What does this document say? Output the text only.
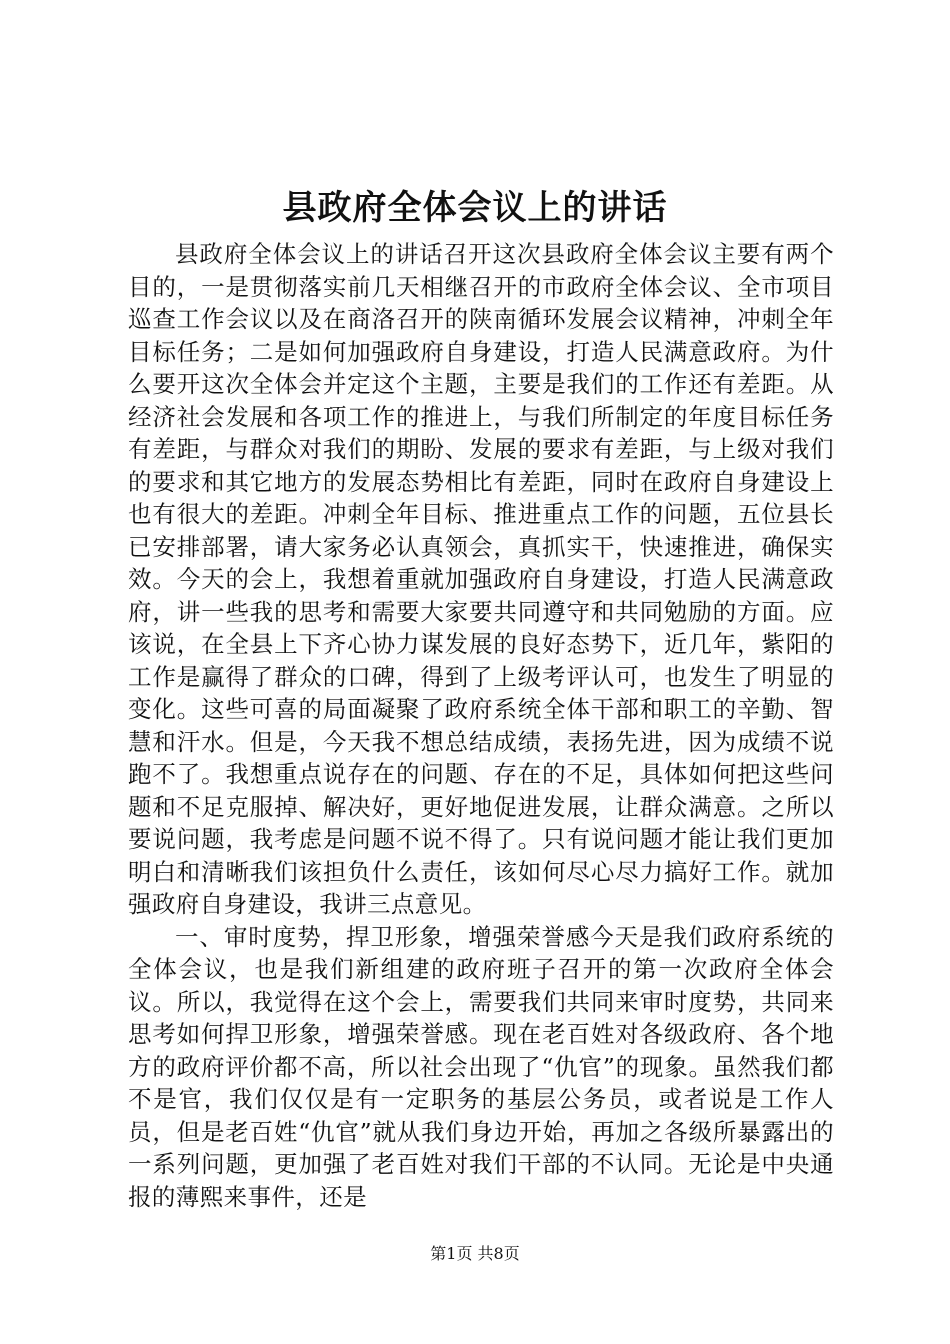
县政府全体会议上的讲话

县政府全体会议上的讲话召开这次县政府全体会议主要有两个目的，一是贯彻落实前几天相继召开的市政府全体会议、全市项目巡查工作会议以及在商洛召开的陕南循环发展会议精神，冲刺全年目标任务；二是如何加强政府自身建设，打造人民满意政府。为什么要开这次全体会并定这个主题，主要是我们的工作还有差距。从经济社会发展和各项工作的推进上，与我们所制定的年度目标任务有差距，与群众对我们的期盼、发展的要求有差距，与上级对我们的要求和其它地方的发展态势相比有差距，同时在政府自身建设上也有很大的差距。冲刺全年目标、推进重点工作的问题，五位县长已安排部署，请大家务必认真领会，真抓实干，快速推进，确保实效。今天的会上，我想着重就加强政府自身建设，打造人民满意政府，讲一些我的思考和需要大家要共同遵守和共同勉励的方面。应该说，在全县上下齐心协力谋发展的良好态势下，近几年，紫阳的工作是赢得了群众的口碑，得到了上级考评认可，也发生了明显的变化。这些可喜的局面凝聚了政府系统全体干部和职工的辛勤、智慧和汗水。但是，今天我不想总结成绩，表扬先进，因为成绩不说跑不了。我想重点说存在的问题、存在的不足，具体如何把这些问题和不足克服掉、解决好，更好地促进发展，让群众满意。之所以要说问题，我考虑是问题不说不得了。只有说问题才能让我们更加明白和清晰我们该担负什么责任，该如何尽心尽力搞好工作。就加强政府自身建设，我讲三点意见。

一、审时度势，捍卫形象，增强荣誉感今天是我们政府系统的全体会议，也是我们新组建的政府班子召开的第一次政府全体会议。所以，我觉得在这个会上，需要我们共同来审时度势，共同来思考如何捍卫形象，增强荣誉感。现在老百姓对各级政府、各个地方的政府评价都不高，所以社会出现了“仇官”的现象。虽然我们都不是官，我们仅仅是有一定职务的基层公务员，或者说是工作人员，但是老百姓“仇官”就从我们身边开始，再加之各级所暴露出的一系列问题，更加强了老百姓对我们干部的不认同。无论是中央通报的薄熙来事件，还是

第1页 共8页
